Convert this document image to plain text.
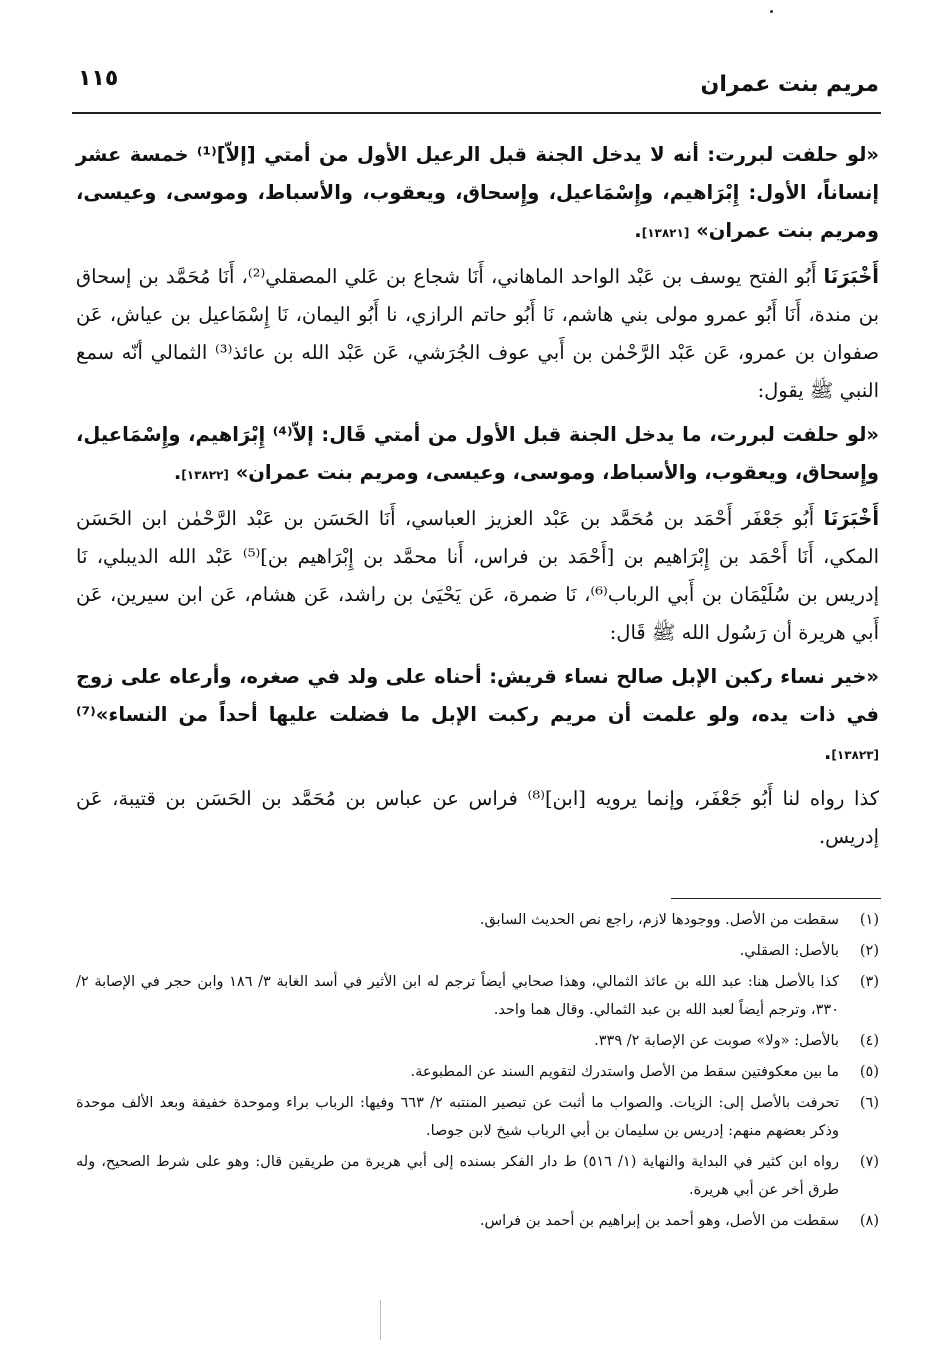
مريم بنت عمران
١١٥

«لو حلفت لبررت: أنه لا يدخل الجنة قبل الرعيل الأول من أمتي [إلاّ]⁽¹⁾ خمسة عشر إنساناً، الأول: إِبْرَاهيم، وإِسْمَاعيل، وإِسحاق، ويعقوب، والأسباط، وموسى، وعيسى، ومريم بنت عمران» [١٣٨٢١].

أَخْبَرَنَا أَبُو الفتح يوسف بن عَبْد الواحد الماهاني، أَنَا شجاع بن عَلي المصقلي⁽²⁾، أَنَا مُحَمَّد بن إسحاق بن مندة، أَنَا أَبُو عمرو مولى بني هاشم، نَا أَبُو حاتم الرازي، نا أَبُو اليمان، نَا إِسْمَاعيل بن عياش، عَن صفوان بن عمرو، عَن عَبْد الرَّحْمٰن بن أَبي عوف الجُرَشي، عَن عَبْد الله بن عائذ⁽³⁾ الثمالي أنّه سمع النبي ﷺ يقول:

«لو حلفت لبررت، ما يدخل الجنة قبل الأول من أمتي قَال: إلاّ⁽⁴⁾ إِبْرَاهيم، وإِسْمَاعيل، وإِسحاق، ويعقوب، والأسباط، وموسى، وعيسى، ومريم بنت عمران» [١٣٨٢٢].

أَخْبَرَنَا أَبُو جَعْفَر أَحْمَد بن مُحَمَّد بن عَبْد العزيز العباسي، أَنَا الحَسَن بن عَبْد الرَّحْمٰن ابن الحَسَن المكي، أَنَا أَحْمَد بن إِبْرَاهيم بن [أَحْمَد بن فراس، أَنا محمَّد بن إِبْرَاهيم بن]⁽⁵⁾ عَبْد الله الديبلي، نَا إدريس بن سُلَيْمَان بن أَبي الرباب⁽⁶⁾، نَا ضمرة، عَن يَحْيَىٰ بن راشد، عَن هشام، عَن ابن سيرين، عَن أَبي هريرة أن رَسُول الله ﷺ قَال:

«خير نساء ركبن الإبل صالح نساء قريش: أحناه على ولد في صغره، وأرعاه على زوج في ذات يده، ولو علمت أن مريم ركبت الإبل ما فضلت عليها أحداً من النساء»⁽⁷⁾ [١٣٨٢٣].

كذا رواه لنا أَبُو جَعْفَر، وإنما يرويه [ابن]⁽⁸⁾ فراس عن عباس بن مُحَمَّد بن الحَسَن بن قتيبة، عَن إدريس.

(١)
سقطت من الأصل. ووجودها لازم، راجع نص الحديث السابق.
(٢)
بالأصل: الصقلي.
(٣)
كذا بالأصل هنا: عبد الله بن عائذ الثمالي، وهذا صحابي أيضاً ترجم له ابن الأثير في أسد الغابة ٣/ ١٨٦ وابن حجر في الإصابة ٢/ ٣٣٠، وترجم أيضاً لعبد الله بن عبد الثمالي. وقال هما واحد.
(٤)
بالأصل: «ولا» صوبت عن الإصابة ٢/ ٣٣٩.
(٥)
ما بين معكوفتين سقط من الأصل واستدرك لتقويم السند عن المطبوعة.
(٦)
تحرفت بالأصل إلى: الزيات. والصواب ما أثبت عن تبصير المنتبه ٢/ ٦٦٣ وفيها: الرباب براء وموحدة خفيفة وبعد الألف موحدة وذكر بعضهم منهم: إدريس بن سليمان بن أبي الرباب شيخ لابن جوصا.
(٧)
رواه ابن كثير في البداية والنهاية (١/ ٥١٦) ط دار الفكر بسنده إلى أبي هريرة من طريقين قال: وهو على شرط الصحيح، وله طرق أخر عن أبي هريرة.
(٨)
سقطت من الأصل، وهو أحمد بن إبراهيم بن أحمد بن فراس.
